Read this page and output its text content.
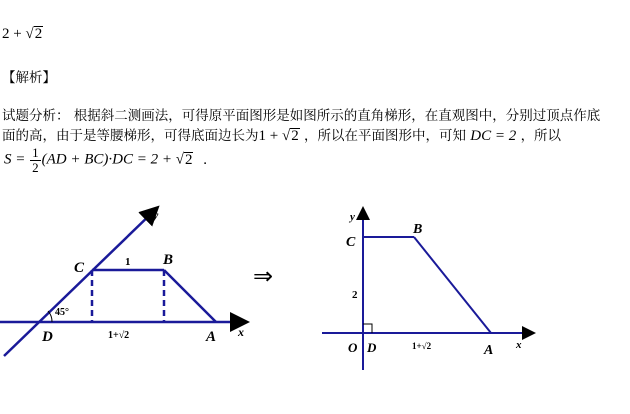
2 + √2
【解析】
试题分析： 根据斜二测画法，可得原平面图形是如图所示的直角梯形，在直观图中，分别过顶点作底
面的高，由于是等腰梯形，可得底面边长为1 + √2 ，所以在平面图形中，可知 DC = 2 ，所以
$S = \frac{1}{2} (AD + BC)\cdot DC = 2 + √2$ .
y
x
C	B
D	A
1
45°
1+√2
⇒
y
x
C
B
O D	A
2
1+√2
